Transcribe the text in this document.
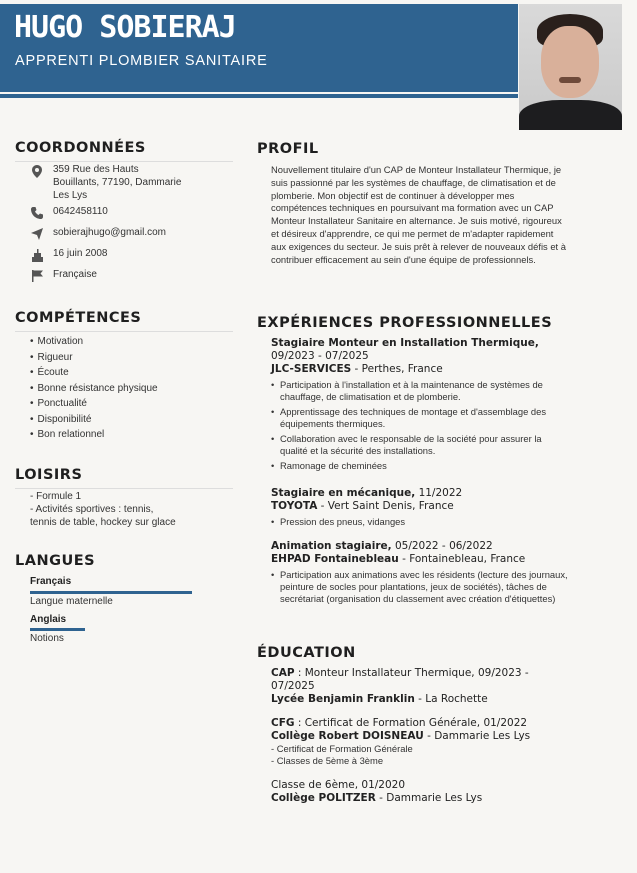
HUGO SOBIERAJ
APPRENTI PLOMBIER SANITAIRE
COORDONNÉES
359 Rue des Hauts
Bouillants, 77190, Dammarie
Les Lys
0642458110
sobierajhugo@gmail.com
16 juin 2008
Française
COMPÉTENCES
• Motivation
• Rigueur
• Écoute
• Bonne résistance physique
• Ponctualité
• Disponibilité
• Bon relationnel
LOISIRS
- Formule 1
- Activités sportives : tennis,
tennis de table, hockey sur glace
LANGUES
Français
Langue maternelle
Anglais
Notions
PROFIL
Nouvellement titulaire d'un CAP de Monteur Installateur Thermique, je suis passionné par les systèmes de chauffage, de climatisation et de plomberie. Mon objectif est de continuer à développer mes compétences techniques en poursuivant ma formation avec un CAP Monteur Installateur Sanitaire en alternance. Je suis motivé, rigoureux et désireux d'apprendre, ce qui me permet de m'adapter rapidement aux exigences du secteur. Je suis prêt à relever de nouveaux défis et à contribuer efficacement au sein d'une équipe de professionnels.
EXPÉRIENCES PROFESSIONNELLES
Stagiaire Monteur en Installation Thermique,
09/2023 - 07/2025
JLC-SERVICES - Perthes, France
• Participation à l'installation et à la maintenance de systèmes de chauffage, de climatisation et de plomberie.
• Apprentissage des techniques de montage et d'assemblage des équipements thermiques.
• Collaboration avec le responsable de la société pour assurer la qualité et la sécurité des installations.
• Ramonage de cheminées
Stagiaire en mécanique, 11/2022
TOYOTA - Vert Saint Denis, France
• Pression des pneus, vidanges
Animation stagiaire, 05/2022 - 06/2022
EHPAD Fontainebleau - Fontainebleau, France
• Participation aux animations avec les résidents (lecture des journaux, peinture de socles pour plantations, jeux de sociétés), tâches de secrétariat (organisation du classement avec création d'étiquettes)
ÉDUCATION
CAP : Monteur Installateur Thermique, 09/2023 - 07/2025
Lycée Benjamin Franklin - La Rochette
CFG : Certificat de Formation Générale, 01/2022
Collège Robert DOISNEAU - Dammarie Les Lys
- Certificat de Formation Générale
- Classes de 5ème à 3ème
Classe de 6ème, 01/2020
Collège POLITZER - Dammarie Les Lys
